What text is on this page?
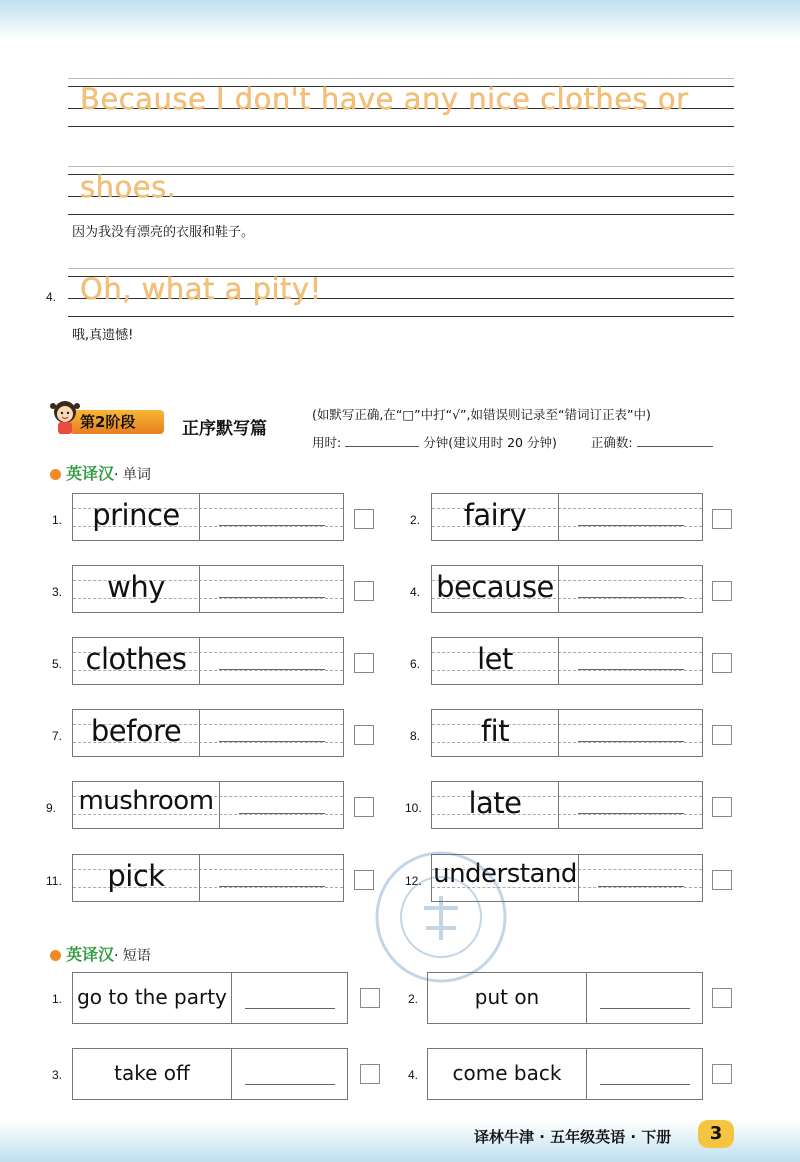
Because I don't have any nice clothes or
shoes.
因为我没有漂亮的衣服和鞋子。
4. Oh, what a pity!
哦,真遗憾!
第2阶段	正序默写篇
(如默写正确,在“□”中打“√”,如错误则记录至“错词订正表”中)
用时:	分钟(建议用时 20 分钟)	正确数:
英译汉· 单词
1.	prince	2.	fairy
3.	why	4. because
5. clothes	6.	let
7. before	8.	fit
9. mushroom	10.	late
11.	pick	12. understand
英译汉· 短语
1. go to the party	2.	put on
3.	take off	4.	come back
译林牛津 · 五年级英语 · 下册	3
